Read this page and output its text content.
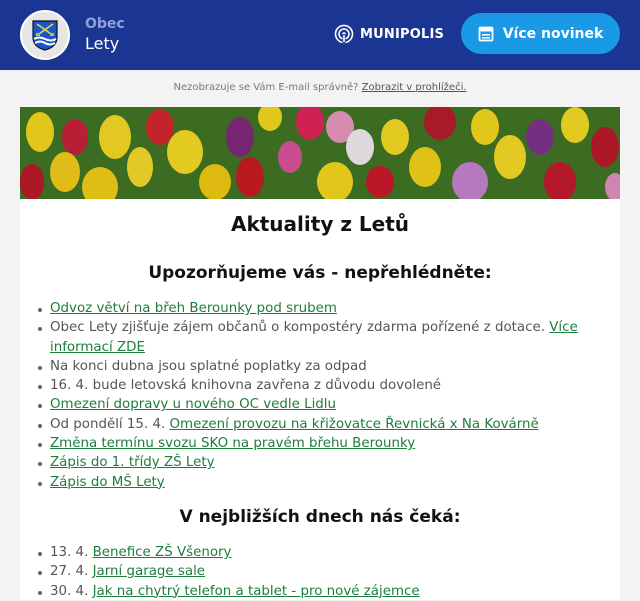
Obec
Lety	MUNIPOLIS	Více novinek
Nezobrazuje se Vám E-mail správně? Zobrazit v prohlížeči.
Aktuality z Letů
Upozorňujeme vás - nepřehlédněte:
Odvoz větví na břeh Berounky pod srubem
Obec Lety zjišťuje zájem občanů o kompostéry zdarma pořízené z dotace. Více informací ZDE
Na konci dubna jsou splatné poplatky za odpad
16. 4. bude letovská knihovna zavřena z důvodu dovolené
Omezení dopravy u nového OC vedle Lidlu
Od pondělí 15. 4. Omezení provozu na křižovatce Řevnická x Na Kovárně
Změna termínu svozu SKO na pravém břehu Berounky
Zápis do 1. třídy ZŠ Lety
Zápis do MŠ Lety
V nejbližších dnech nás čeká:
13. 4. Benefice ZŠ Všenory
27. 4. Jarní garage sale
30. 4. Jak na chytrý telefon a tablet - pro nové zájemce
